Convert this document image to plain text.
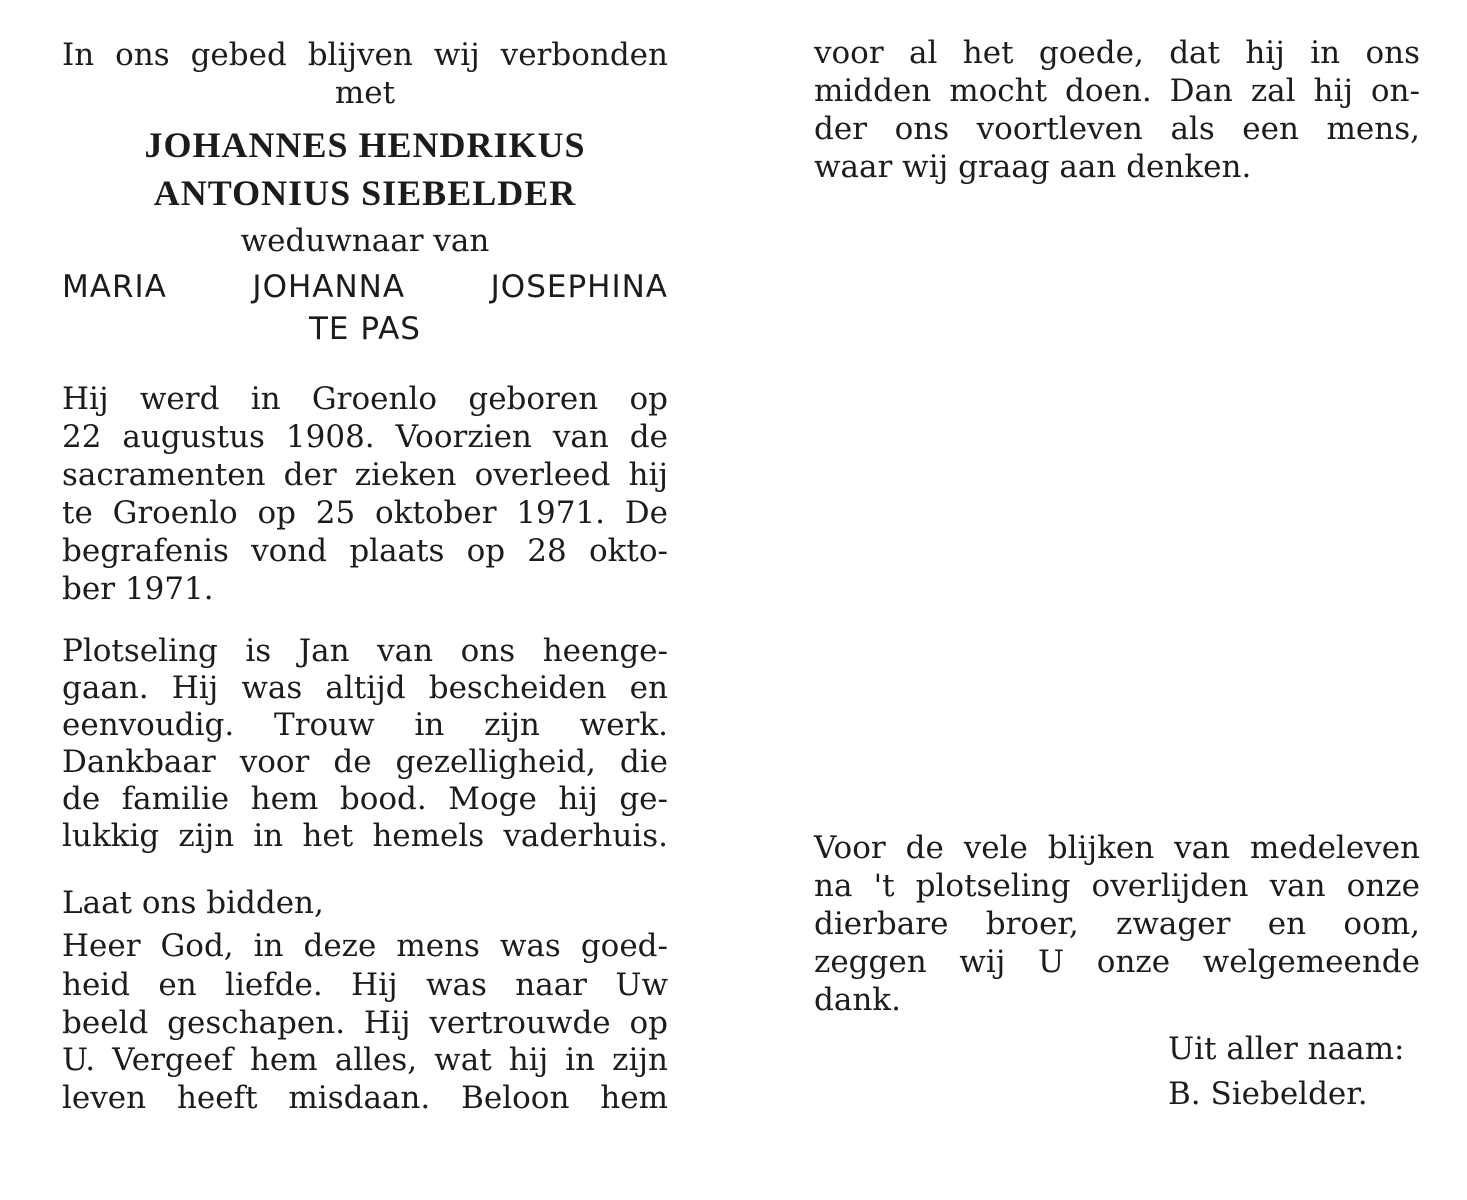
In ons gebed blijven wij verbonden
met
JOHANNES HENDRIKUS
ANTONIUS SIEBELDER
weduwnaar van
MARIA JOHANNA JOSEPHINA
TE PAS
Hij werd in Groenlo geboren op
22 augustus 1908. Voorzien van de
sacramenten der zieken overleed hij
te Groenlo op 25 oktober 1971. De
begrafenis vond plaats op 28 okto-
ber 1971.
Plotseling is Jan van ons heenge-
gaan. Hij was altijd bescheiden en
eenvoudig. Trouw in zijn werk.
Dankbaar voor de gezelligheid, die
de familie hem bood. Moge hij ge-
lukkig zijn in het hemels vaderhuis.
Laat ons bidden,
Heer God, in deze mens was goed-
heid en liefde. Hij was naar Uw
beeld geschapen. Hij vertrouwde op
U. Vergeef hem alles, wat hij in zijn
leven heeft misdaan. Beloon hem
voor al het goede, dat hij in ons
midden mocht doen. Dan zal hij on-
der ons voortleven als een mens,
waar wij graag aan denken.
Voor de vele blijken van medeleven
na 't plotseling overlijden van onze
dierbare broer, zwager en oom,
zeggen wij U onze welgemeende
dank.
Uit aller naam:
B. Siebelder.
